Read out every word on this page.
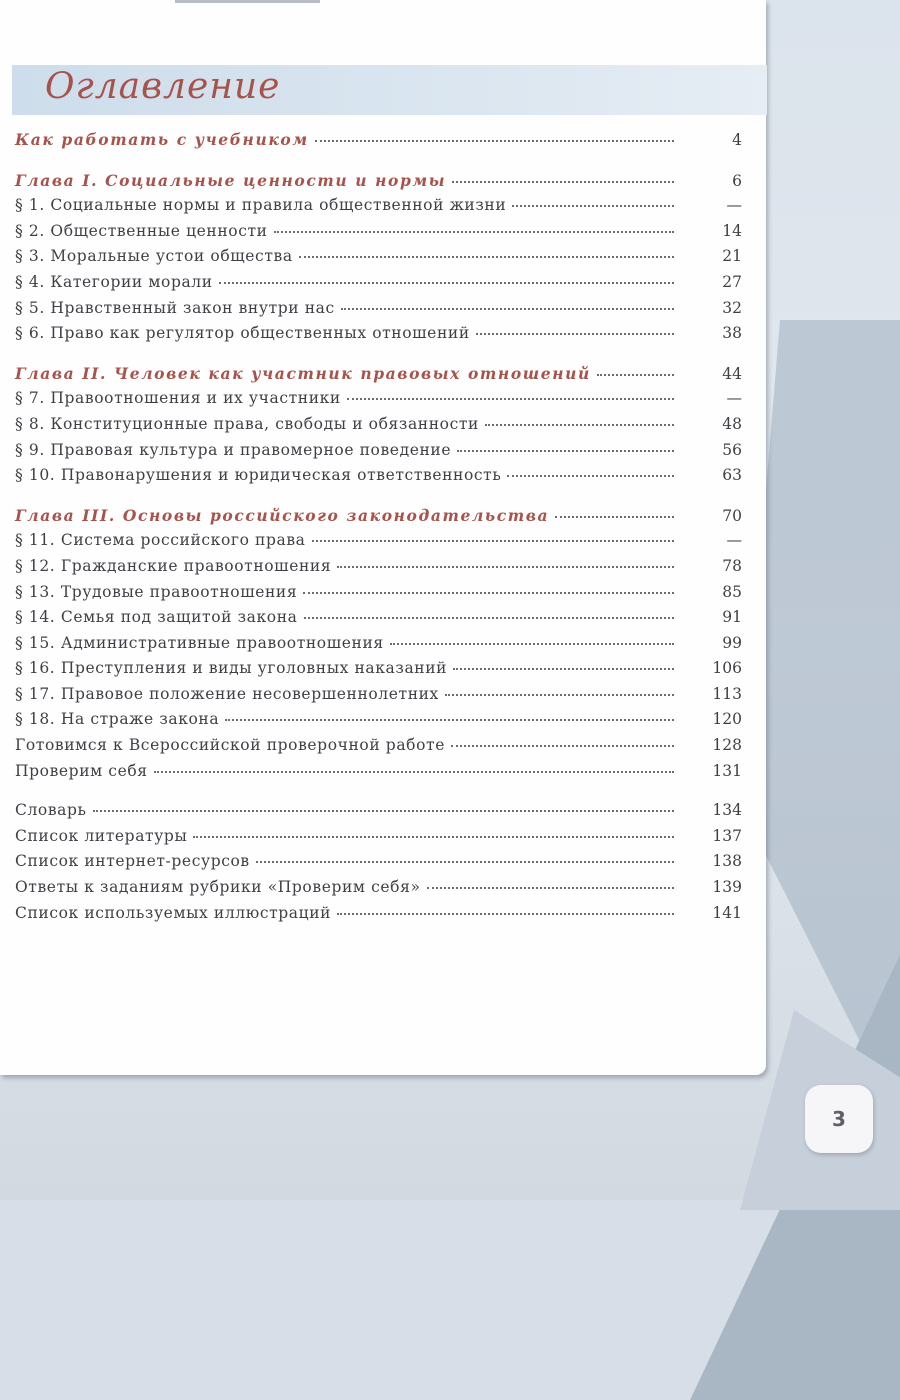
Оглавление
Как работать с учебником	4
Глава I. Социальные ценности и нормы	6
§ 1. Социальные нормы и правила общественной жизни	—
§ 2. Общественные ценности	14
§ 3. Моральные устои общества	21
§ 4. Категории морали	27
§ 5. Нравственный закон внутри нас	32
§ 6. Право как регулятор общественных отношений	38
Глава II. Человек как участник правовых отношений	44
§ 7. Правоотношения и их участники	—
§ 8. Конституционные права, свободы и обязанности	48
§ 9. Правовая культура и правомерное поведение	56
§ 10. Правонарушения и юридическая ответственность	63
Глава III. Основы российского законодательства	70
§ 11. Система российского права	—
§ 12. Гражданские правоотношения	78
§ 13. Трудовые правоотношения	85
§ 14. Семья под защитой закона	91
§ 15. Административные правоотношения	99
§ 16. Преступления и виды уголовных наказаний	106
§ 17. Правовое положение несовершеннолетних	113
§ 18. На страже закона	120
Готовимся к Всероссийской проверочной работе	128
Проверим себя	131
Словарь	134
Список литературы	137
Список интернет-ресурсов	138
Ответы к заданиям рубрики «Проверим себя»	139
Список используемых иллюстраций	141
3
